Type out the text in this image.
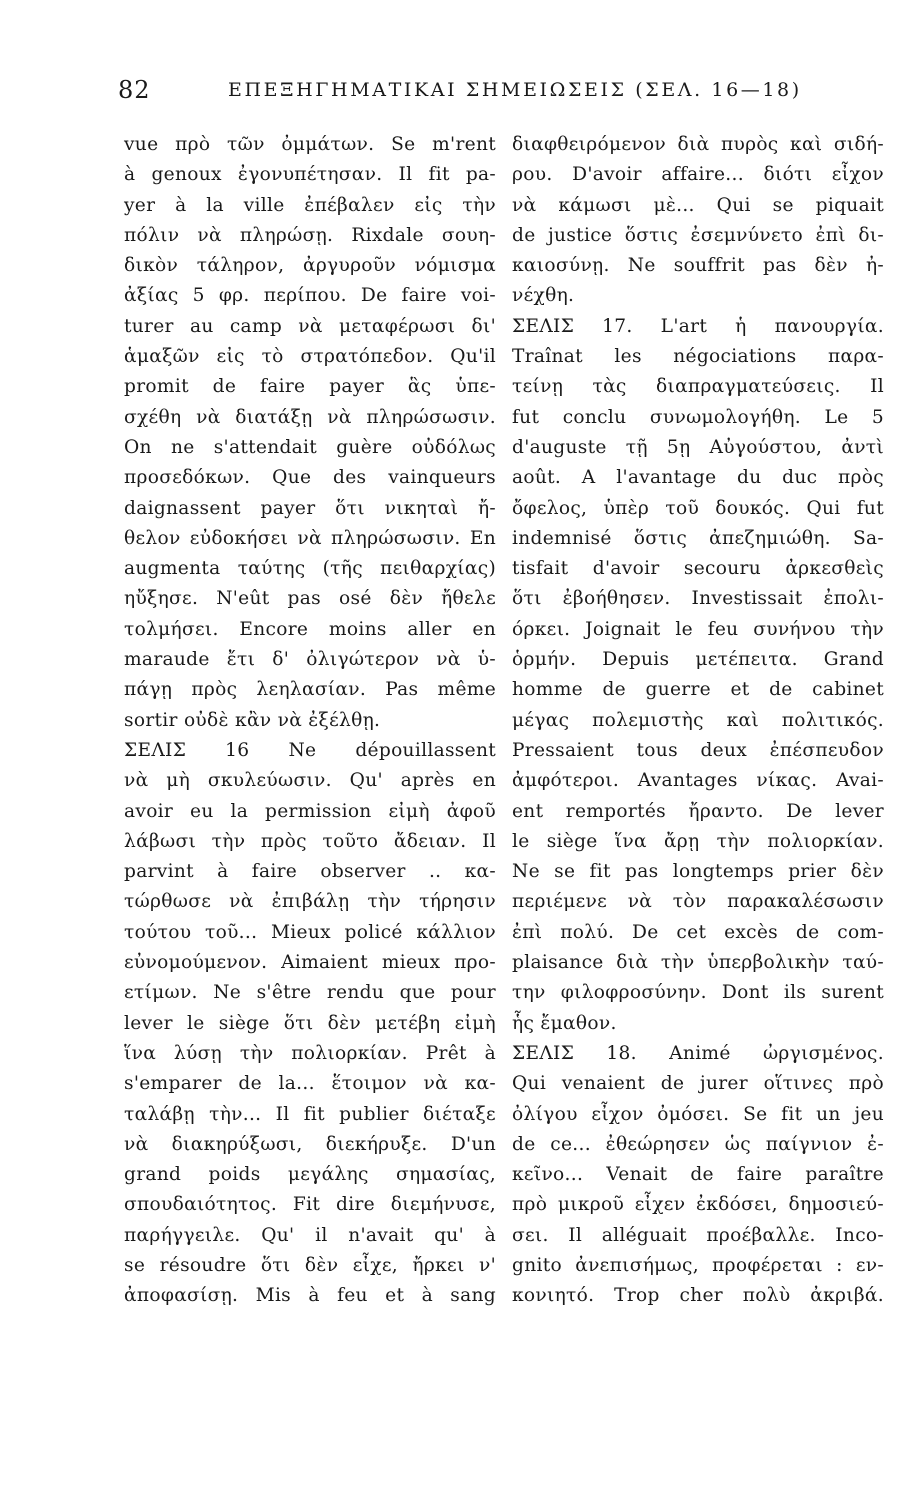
82	ΕΠΕΞΗΓΗΜΑΤΙΚΑΙ ΣΗΜΕΙΩΣΕΙΣ (ΣΕΛ. 16—18)
vue πρὸ τῶν ὀμμάτων. Se m'rent
à genoux ἐγονυπέτησαν. Il fit pa-
yer à la ville ἐπέβαλεν εἰς τὴν
πόλιν νὰ πληρώσῃ. Rixdale σουη-
δικὸν τάληρον, ἀργυροῦν νόμισμα
ἀξίας 5 φρ. περίπου. De faire voi-
turer au camp νὰ μεταφέρωσι δι'
ἁμαξῶν εἰς τὸ στρατόπεδον. Qu'il
promit de faire payer ἃς ὑπε-
σχέθη νὰ διατάξῃ νὰ πληρώσωσιν.
On ne s'attendait guère οὐδόλως
προσεδόκων. Que des vainqueurs
daignassent payer ὅτι νικηταὶ ἤ-
θελον εὐδοκήσει νὰ πληρώσωσιν. En
augmenta ταύτης (τῆς πειθαρχίας)
ηὔξησε. N'eût pas osé δὲν ἤθελε
τολμήσει. Encore moins aller en
maraude ἔτι δ' ὀλιγώτερον νὰ ὑ-
πάγῃ πρὸς λεηλασίαν. Pas même
sortir οὐδὲ κἂν νὰ ἐξέλθῃ.
ΣΕΛΙΣ 16 Ne dépouillassent
νὰ μὴ σκυλεύωσιν. Qu' après en
avoir eu la permission εἰμὴ ἀφοῦ
λάβωσι τὴν πρὸς τοῦτο ἄδειαν. Il
parvint à faire observer .. κα-
τώρθωσε νὰ ἐπιβάλῃ τὴν τήρησιν
τούτου τοῦ... Mieux policé κάλλιον
εὐνομούμενον. Aimaient mieux προ-
ετίμων. Ne s'être rendu que pour
lever le siège ὅτι δὲν μετέβη εἰμὴ
ἵνα λύσῃ τὴν πολιορκίαν. Prêt à
s'emparer de la... ἕτοιμον νὰ κα-
ταλάβῃ τὴν... Il fit publier διέταξε
νὰ διακηρύξωσι, διεκήρυξε. D'un
grand poids μεγάλης σημασίας,
σπουδαιότητος. Fit dire διεμήνυσε,
παρήγγειλε. Qu' il n'avait qu' à
se résoudre ὅτι δὲν εἶχε, ἤρκει ν'
ἀποφασίσῃ. Mis à feu et à sang
διαφθειρόμενον διὰ πυρὸς καὶ σιδή-
ρου. D'avoir affaire... διότι εἶχον
νὰ κάμωσι μὲ... Qui se piquait
de justice ὅστις ἐσεμνύνετο ἐπὶ δι-
καιοσύνῃ. Ne souffrit pas δὲν ἠ-
νέχθη.
ΣΕΛΙΣ 17. L'art ἡ πανουργία.
Traînat les négociations παρα-
τείνῃ τὰς διαπραγματεύσεις. Il
fut conclu συνωμολογήθη. Le 5
d'auguste τῇ 5ῃ Αὐγούστου, ἀντὶ
août. A l'avantage du duc πρὸς
ὄφελος, ὑπὲρ τοῦ δουκός. Qui fut
indemnisé ὅστις ἀπεζημιώθη. Sa-
tisfait d'avoir secouru ἀρκεσθεὶς
ὅτι ἐβοήθησεν. Investissait ἐπολι-
όρκει. Joignait le feu συνήνου τὴν
ὁρμήν. Depuis μετέπειτα. Grand
homme de guerre et de cabinet
μέγας πολεμιστὴς καὶ πολιτικός.
Pressaient tous deux ἐπέσπευδον
ἀμφότεροι. Avantages νίκας. Avai-
ent remportés ἤραντο. De lever
le siège ἵνα ἄρῃ τὴν πολιορκίαν.
Ne se fit pas longtemps prier δὲν
περιέμενε νὰ τὸν παρακαλέσωσιν
ἐπὶ πολύ. De cet excès de com-
plaisance διὰ τὴν ὑπερβολικὴν ταύ-
την φιλοφροσύνην. Dont ils surent
ἧς ἔμαθον.
ΣΕΛΙΣ 18. Animé ὠργισμένος.
Qui venaient de jurer οἵτινες πρὸ
ὀλίγου εἶχον ὀμόσει. Se fit un jeu
de ce... ἐθεώρησεν ὡς παίγνιον ἐ-
κεῖνο... Venait de faire paraître
πρὸ μικροῦ εἶχεν ἐκδόσει, δημοσιεύ-
σει. Il alléguait προέβαλλε. Inco-
gnito ἀνεπισήμως, προφέρεται : εν-
κονιητό. Trop cher πολὺ ἀκριβά.
